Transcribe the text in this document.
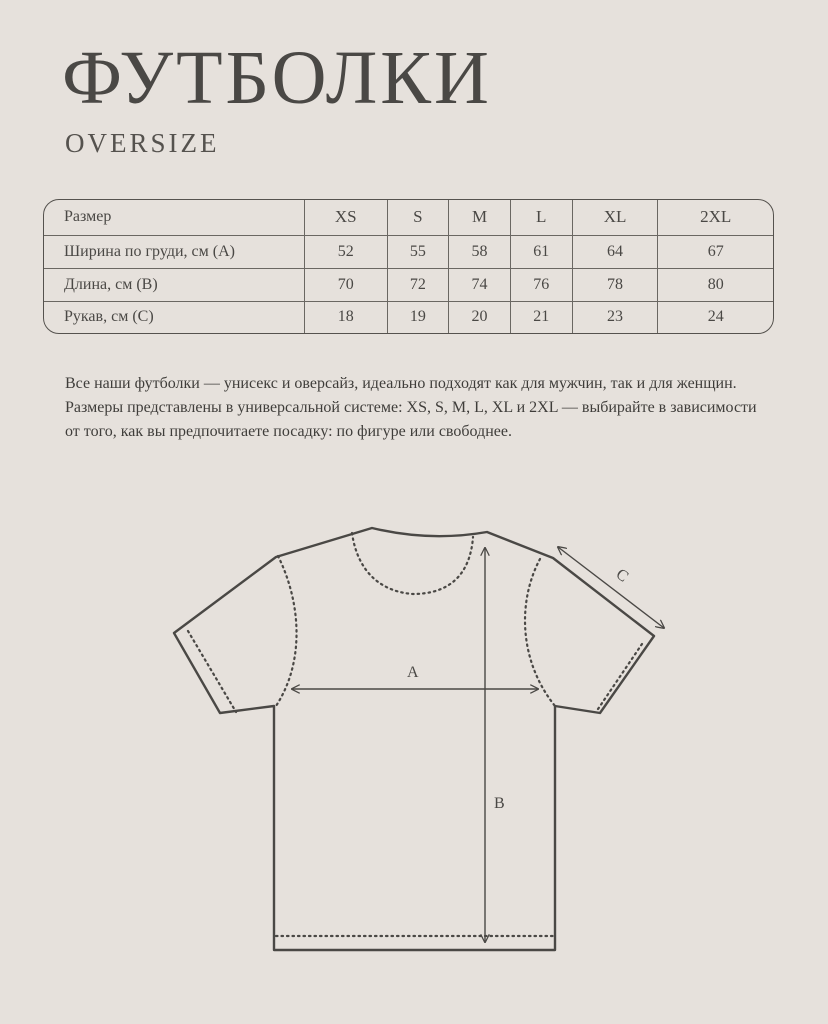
ФУТБОЛКИ
OVERSIZE
Размер	XS	S	M	L	XL	2XL
Ширина по груди, см (А)	52	55	58	61	64	67
Длина, см (B)	70	72	74	76	78	80
Рукав, см (C)	18	19	20	21	23	24

Все наши футболки — унисекс и оверсайз, идеально подходят как для мужчин, так и для женщин. Размеры представлены в универсальной системе: XS, S, M, L, XL и 2XL — выбирайте в зависимости от того, как вы предпочитаете посадку: по фигуре или свободнее.

A
B
C
